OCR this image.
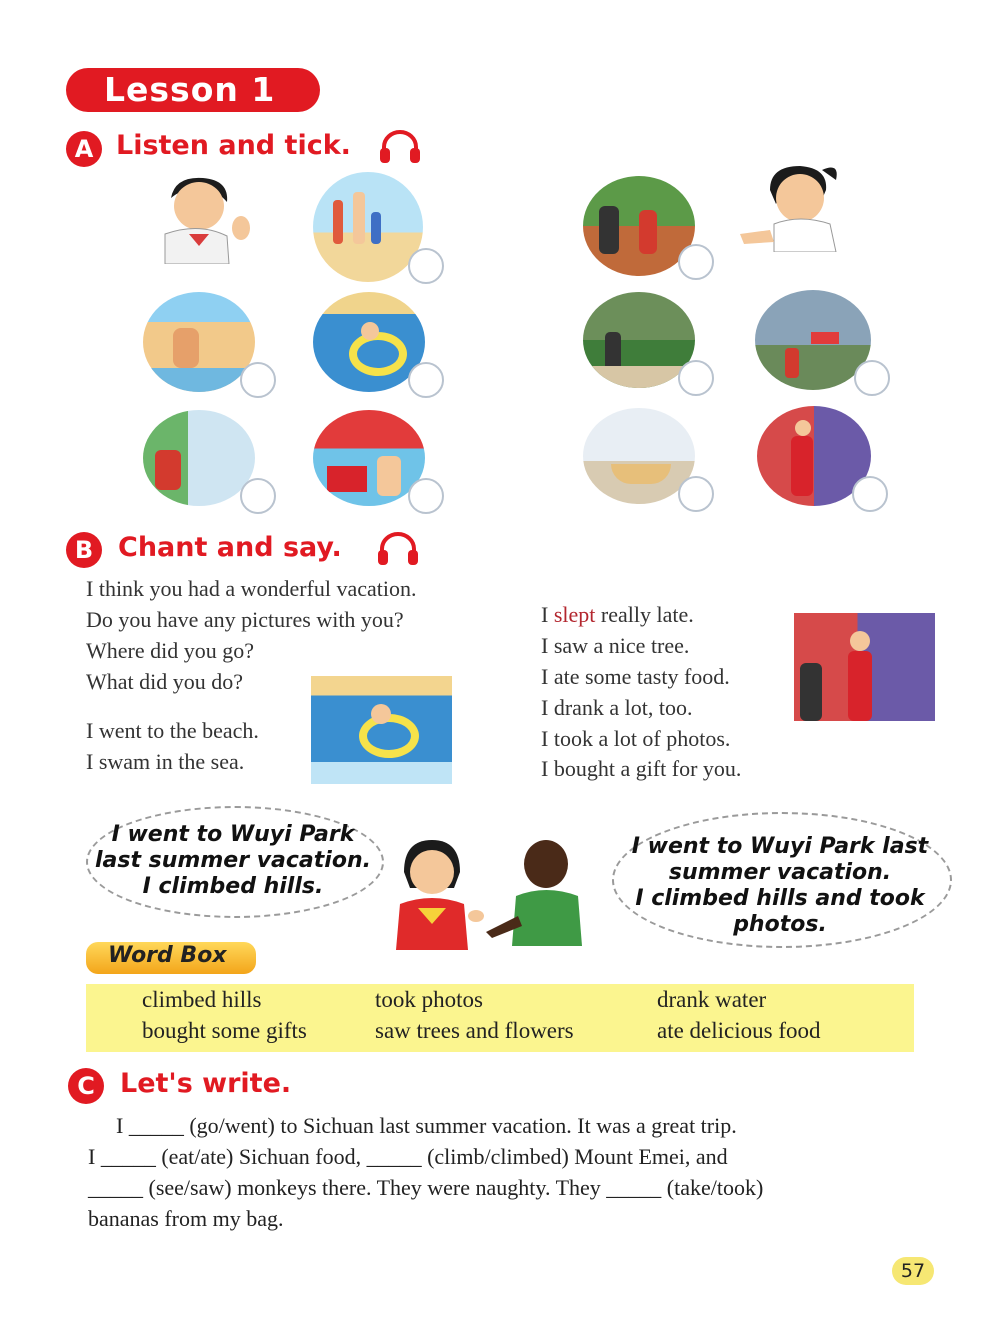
Lesson 1
A Listen and tick.
B Chant and say.
I think you had a wonderful vacation.
Do you have any pictures with you?
Where did you go?
What did you do?
I went to the beach.
I swam in the sea.
I slept really late.
I saw a nice tree.
I ate some tasty food.
I drank a lot, too.
I took a lot of photos.
I bought a gift for you.
I went to Wuyi Park
last summer vacation.
I climbed hills.
I went to Wuyi Park last
summer vacation.
I climbed hills and took
photos.
Word Box
climbed hills	took photos	drank water
bought some gifts	saw trees and flowers	ate delicious food
C Let's write.
I _____ (go/went) to Sichuan last summer vacation. It was a great trip.
I _____ (eat/ate) Sichuan food, _____ (climb/climbed) Mount Emei, and
_____ (see/saw) monkeys there. They were naughty. They _____ (take/took)
bananas from my bag.
57
